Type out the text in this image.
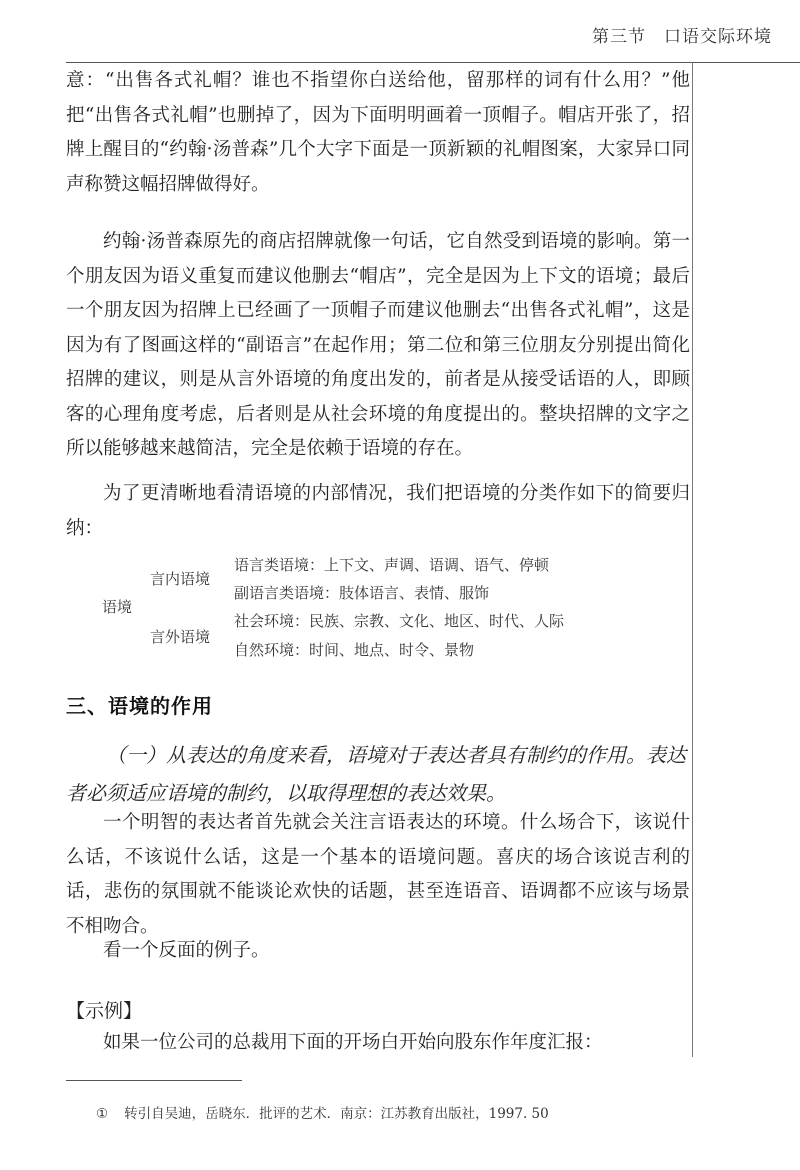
第三节　口语交际环境
意：“出售各式礼帽？谁也不指望你白送给他，留那样的词有什么用？”他把“出售各式礼帽”也删掉了，因为下面明明画着一顶帽子。帽店开张了，招牌上醒目的“约翰·汤普森”几个大字下面是一顶新颖的礼帽图案，大家异口同声称赞这幅招牌做得好。
约翰·汤普森原先的商店招牌就像一句话，它自然受到语境的影响。第一个朋友因为语义重复而建议他删去“帽店”，完全是因为上下文的语境；最后一个朋友因为招牌上已经画了一顶帽子而建议他删去“出售各式礼帽”，这是因为有了图画这样的“副语言”在起作用；第二位和第三位朋友分别提出简化招牌的建议，则是从言外语境的角度出发的，前者是从接受话语的人，即顾客的心理角度考虑，后者则是从社会环境的角度提出的。整块招牌的文字之所以能够越来越简洁，完全是依赖于语境的存在。
为了更清晰地看清语境的内部情况，我们把语境的分类作如下的简要归纳：
语境
言内语境
言外语境
语言类语境：上下文、声调、语调、语气、停顿
副语言类语境：肢体语言、表情、服饰
社会环境：民族、宗教、文化、地区、时代、人际
自然环境：时间、地点、时令、景物
三、语境的作用
（一）从表达的角度来看，语境对于表达者具有制约的作用。表达者必须适应语境的制约，以取得理想的表达效果。
一个明智的表达者首先就会关注言语表达的环境。什么场合下，该说什么话，不该说什么话，这是一个基本的语境问题。喜庆的场合该说吉利的话，悲伤的氛围就不能谈论欢快的话题，甚至连语音、语调都不应该与场景不相吻合。
看一个反面的例子。
【示例】
如果一位公司的总裁用下面的开场白开始向股东作年度汇报：
① 转引自吴迪，岳晓东．批评的艺术．南京：江苏教育出版社，1997. 50
